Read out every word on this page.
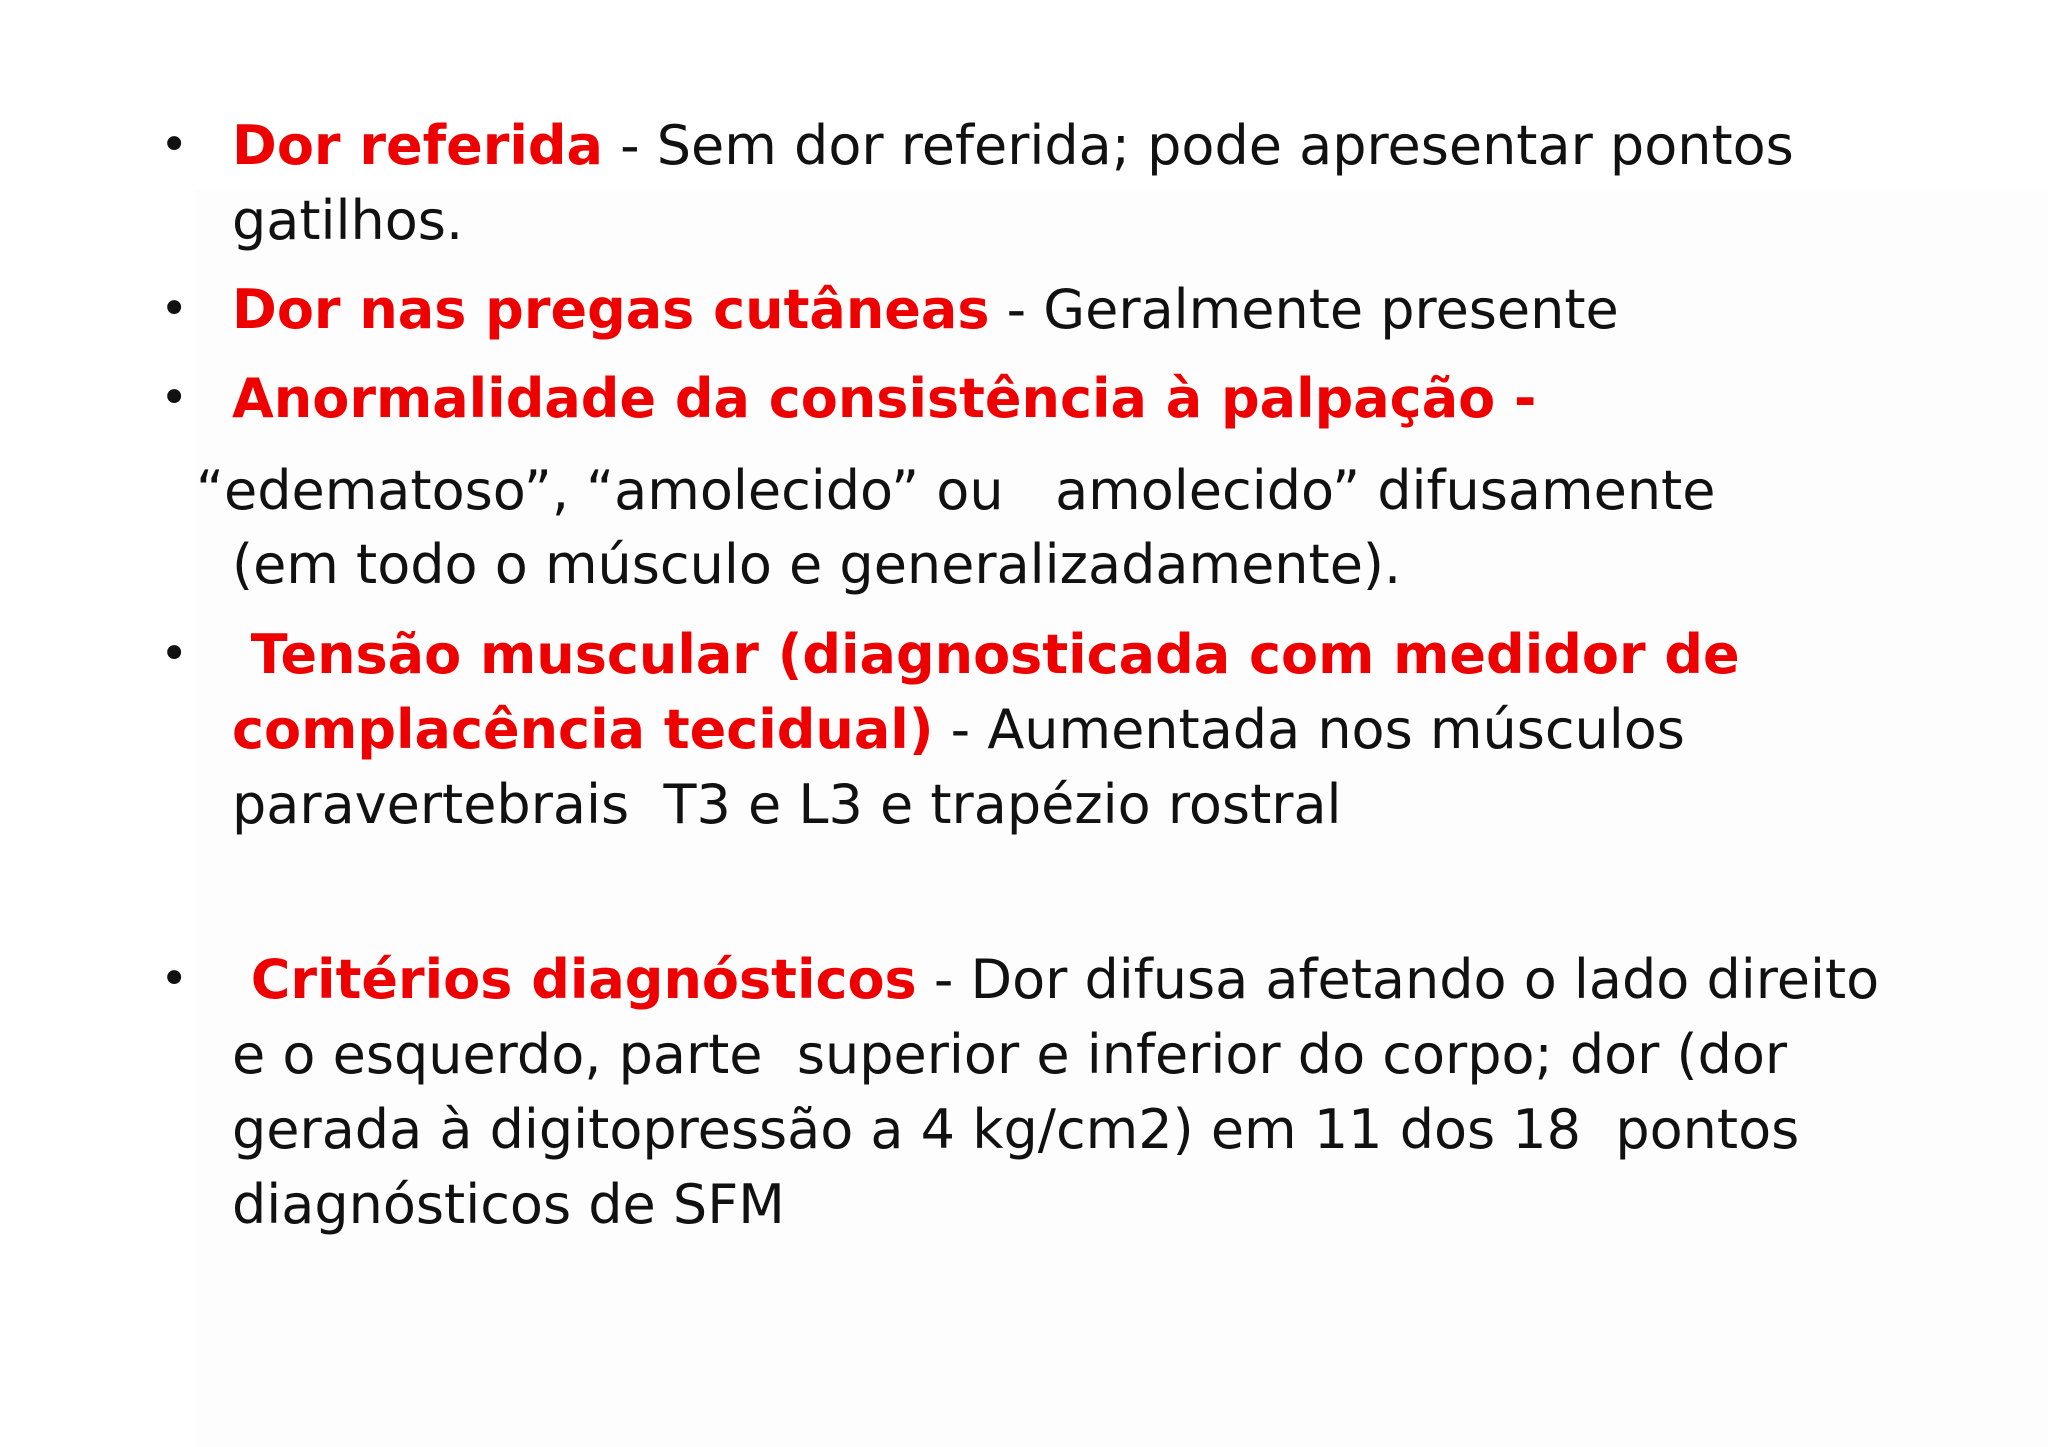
• Dor referida - Sem dor referida; pode apresentar pontos
gatilhos.
• Dor nas pregas cutâneas - Geralmente presente
• Anormalidade da consistência à palpação -
“edematoso”, “amolecido” ou   amolecido” difusamente
(em todo o músculo e generalizadamente).
• Tensão muscular (diagnosticada com medidor de
complacência tecidual) - Aumentada nos músculos
paravertebrais  T3 e L3 e trapézio rostral
• Critérios diagnósticos - Dor difusa afetando o lado direito
e o esquerdo, parte  superior e inferior do corpo; dor (dor
gerada à digitopressão a 4 kg/cm2) em 11 dos 18  pontos
diagnósticos de SFM
